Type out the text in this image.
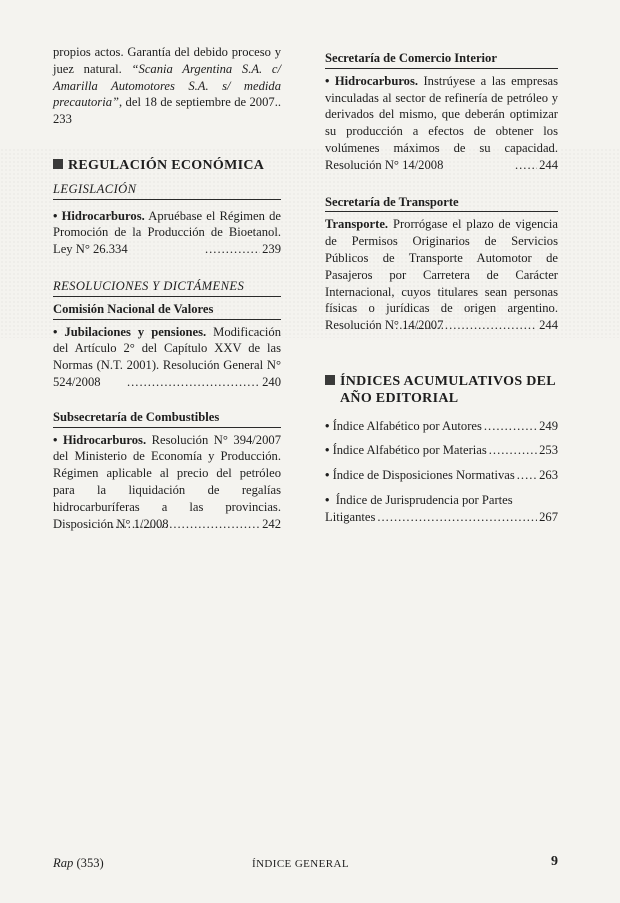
propios actos. Garantía del debido proceso y juez natural. “Scania Argentina S.A. c/ Amarilla Automotores S.A. s/ medida precautoria”, del 18 de septiembre de 2007.. 233

REGULACIÓN ECONÓMICA
LEGISLACIÓN

• Hidrocarburos. Apruébase el Régimen de Promoción de la Producción de Bioetanol. Ley N° 26.334 .....	239
RESOLUCIONES Y DICTÁMENES
Comisión Nacional de Valores

• Jubilaciones y pensiones. Modificación del Artículo 2° del Capítulo XXV de las Normas (N.T. 2001). Resolución General N° 524/2008 .....	240
Subsecretaría de Combustibles

• Hidrocarburos. Resolución N° 394/2007 del Ministerio de Economía y Producción. Régimen aplicable al precio del petróleo para la liquidación de regalías hidrocarburíferas a las provincias. Disposición N° 1/2008 .....	242
Secretaría de Comercio Interior

• Hidrocarburos. Instrúyese a las empresas vinculadas al sector de refinería de petróleo y derivados del mismo, que deberán optimizar su producción a efectos de obtener los volúmenes máximos de su capacidad. Resolución N° 14/2008 .....	244
Secretaría de Transporte

Transporte. Prorrógase el plazo de vigencia de Permisos Originarios de Servicios Públicos de Transporte Automotor de Pasajeros por Carretera de Carácter Internacional, cuyos titulares sean personas físicas o jurídicas de origen argentino. Resolución N° 14/2007 .....	244
ÍNDICES ACUMULATIVOS DEL
AÑO EDITORIAL
• Índice Alfabético por Autores .....	249
• Índice Alfabético por Materias .....	253
• Índice de Disposiciones Normativas ..... 263
•  Índice de Jurisprudencia por Partes
Litigantes .....	267
Rap (353)	ÍNDICE GENERAL	9
